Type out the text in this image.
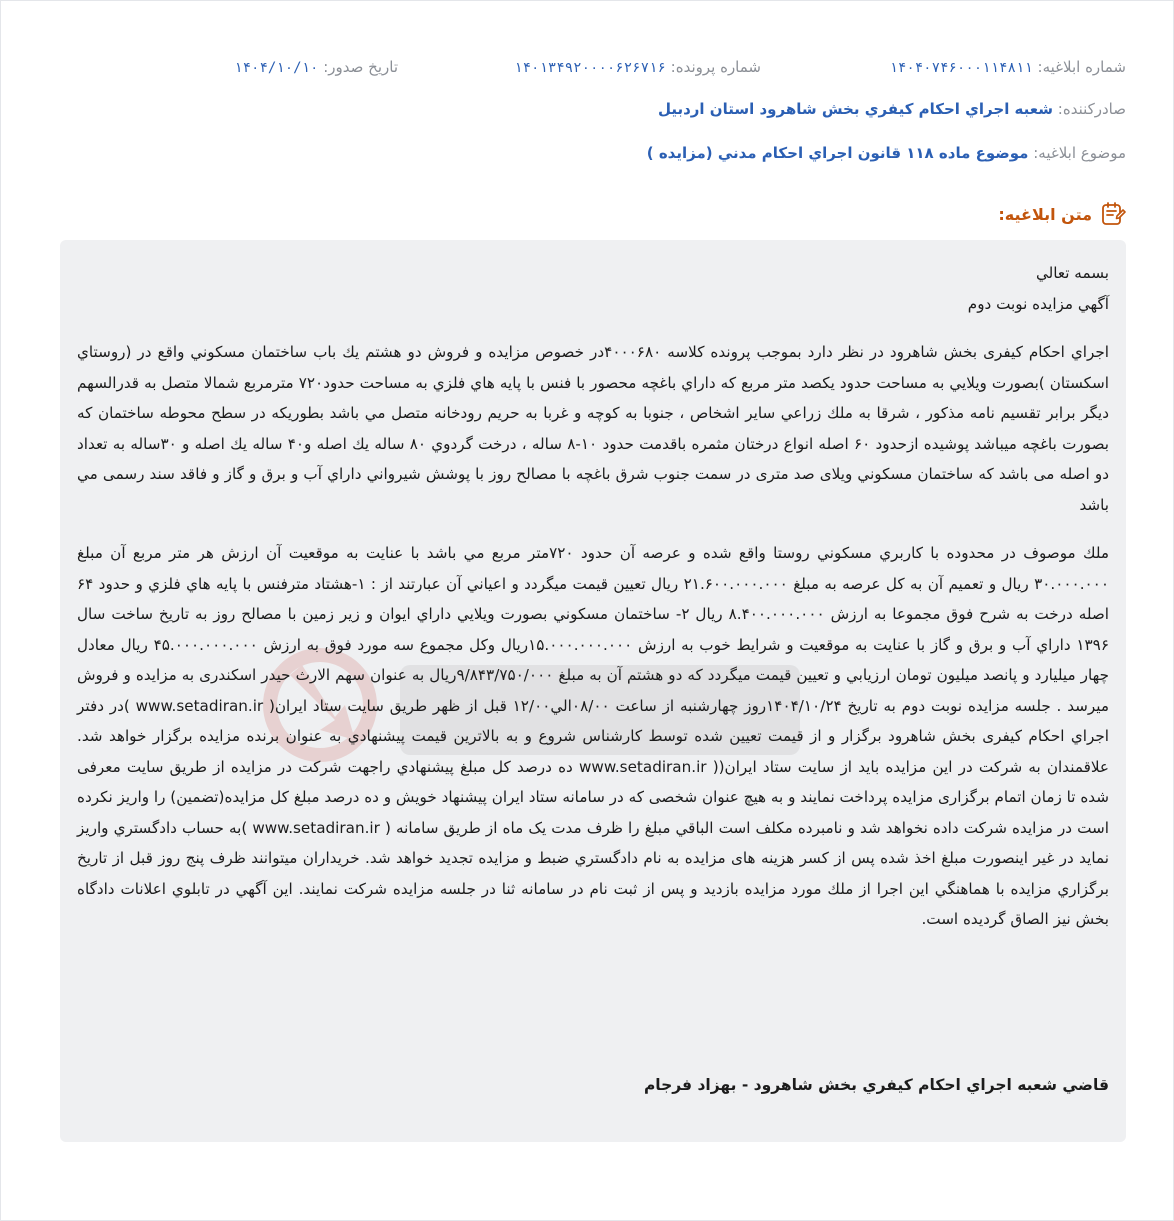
شماره ابلاغيه: ۱۴۰۴۰۷۴۶۰۰۰۱۱۴۸۱۱
شماره پرونده: ۱۴۰۱۳۴۹۲۰۰۰۰۶۲۶۷۱۶
تاريخ صدور: ۱۴۰۴/۱۰/۱۰
صادرکننده: شعبه اجراي احكام كيفري بخش شاهرود استان اردبيل
موضوع ابلاغيه: موضوع ماده ۱۱۸ قانون اجراي احكام مدني (مزايده )
متن ابلاغيه:

بسمه تعالي

آگهي مزايده نوبت دوم

اجراي احكام كيفری بخش شاهرود در نظر دارد بموجب پرونده كلاسه ۴۰۰۰۶۸۰در خصوص مزايده و فروش دو هشتم يك باب ساختمان مسكوني واقع در (روستاي اسكستان )بصورت ويلايي به مساحت حدود يكصد متر مربع كه داراي باغچه محصور با فنس با پايه هاي فلزي به مساحت حدود۷۲۰ مترمربع شمالا متصل به قدرالسهم ديگر برابر تقسيم نامه مذكور ، شرقا به ملك زراعي ساير اشخاص ، جنوبا به كوچه و غربا به حريم رودخانه متصل مي باشد بطوريكه در سطح محوطه ساختمان كه بصورت باغچه ميباشد پوشيده ازحدود ۶۰ اصله انواع درختان مثمره باقدمت حدود ۱۰-۸ ساله ، درخت گردوي ۸۰ ساله يك اصله و۴۰ ساله يك اصله و ۳۰ساله به تعداد دو اصله می باشد كه ساختمان مسكوني ويلای صد متری در سمت جنوب شرق باغچه با مصالح روز با پوشش شيرواني داراي آب و برق و گاز و فاقد سند رسمی مي باشد

ملك موصوف در محدوده با كاربري مسكوني روستا واقع شده و عرصه آن حدود ۷۲۰متر مربع مي باشد با عنايت به موقعيت آن ارزش هر متر مربع آن مبلغ ۳۰.۰۰۰.۰۰۰ ريال و تعميم آن به كل عرصه به مبلغ ۲۱.۶۰۰.۰۰۰.۰۰۰ ريال تعيين قيمت ميگردد و اعياني آن عبارتند از : ۱-هشتاد مترفنس با پايه هاي فلزي و حدود ۶۴ اصله درخت به شرح فوق مجموعا به ارزش ۸.۴۰۰.۰۰۰.۰۰۰ ريال ۲- ساختمان مسكوني بصورت ويلايي داراي ايوان و زير زمين با مصالح روز به تاريخ ساخت سال ۱۳۹۶ داراي آب و برق و گاز با عنايت به موقعيت و شرايط خوب به ارزش ۱۵.۰۰۰.۰۰۰.۰۰۰ريال وكل مجموع سه مورد فوق به ارزش ۴۵.۰۰۰.۰۰۰.۰۰۰ ريال معادل چهار ميليارد و پانصد ميليون تومان ارزيابي و تعيين قيمت ميگردد كه دو هشتم آن به مبلغ ۹/۸۴۳/۷۵۰/۰۰۰ريال به عنوان سهم الارث حيدر اسكندری به مزايده و فروش ميرسد . جلسه مزايده نوبت دوم به تاريخ ۱۴۰۴/۱۰/۲۴روز چهارشنبه از ساعت ۰۸/۰۰الي۱۲/۰۰ قبل از ظهر طريق سايت ستاد ايران( www.setadiran.ir )در دفتر اجراي احكام كيفری بخش شاهرود برگزار و از قيمت تعيين شده توسط كارشناس شروع و به بالاترين قيمت پيشنهادي به عنوان برنده مزايده برگزار خواهد شد. علاقمندان به شركت در اين مزايده بايد از سايت ستاد ايران(( www.setadiran.ir ده درصد كل مبلغ پيشنهادي راجهت شركت در مزايده از طريق سايت معرفی شده تا زمان اتمام برگزاری مزايده پرداخت نمايند و به هيچ عنوان شخصی كه در سامانه ستاد ايران پيشنهاد خويش و ده درصد مبلغ كل مزايده(تضمين) را واريز نكرده است در مزايده شركت داده نخواهد شد و نامبرده مكلف است الباقي مبلغ را ظرف مدت يک ماه از طريق سامانه ( www.setadiran.ir )به حساب دادگستري واريز نمايد در غير اينصورت مبلغ اخذ شده پس از كسر هزينه های مزايده به نام دادگستري ضبط و مزايده تجديد خواهد شد. خريداران ميتوانند ظرف پنج روز قبل از تاريخ برگزاري مزايده با هماهنگي اين اجرا از ملك مورد مزايده بازديد و پس از ثبت نام در سامانه ثنا در جلسه مزايده شركت نمايند. اين آگهي در تابلوي اعلانات دادگاه بخش نيز الصاق گرديده است.

قاضي شعبه اجراي احكام كيفري بخش شاهرود - بهزاد فرجام
